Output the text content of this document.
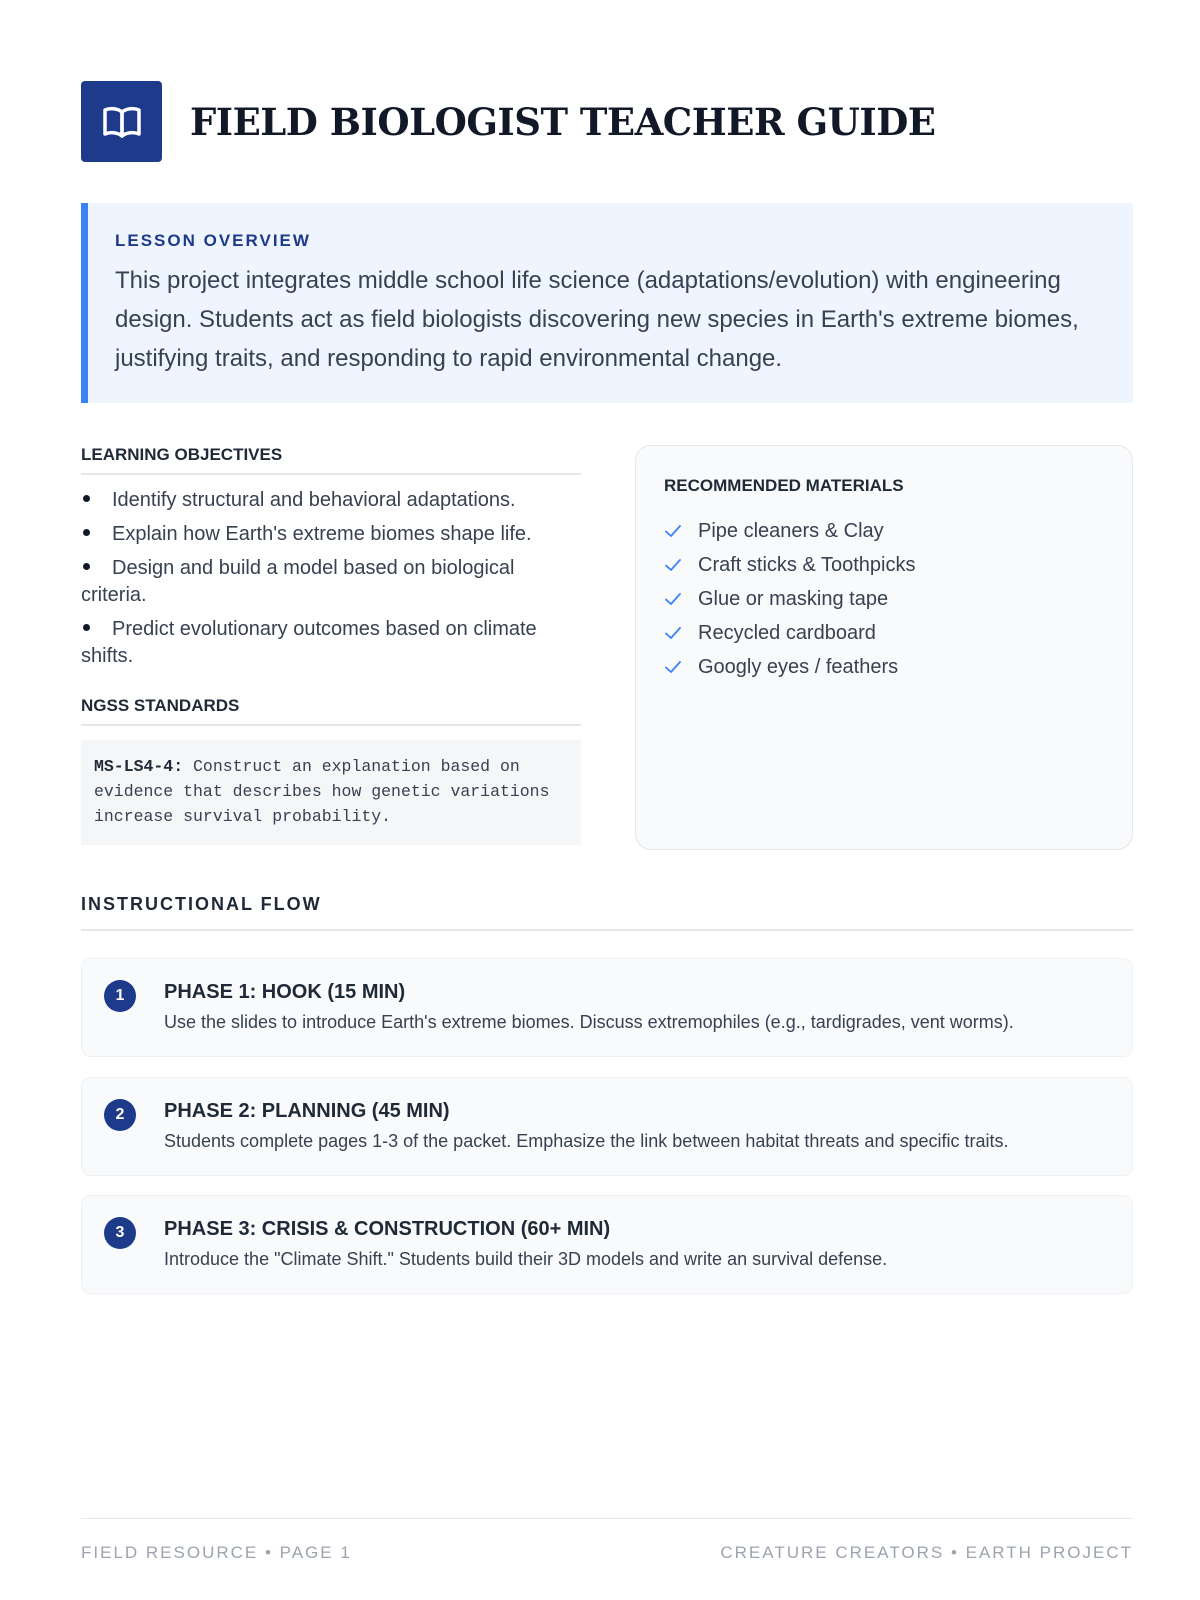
FIELD BIOLOGIST TEACHER GUIDE
LESSON OVERVIEW

This project integrates middle school life science (adaptations/evolution) with engineering design. Students act as field biologists discovering new species in Earth's extreme biomes, justifying traits, and responding to rapid environmental change.

LEARNING OBJECTIVES
Identify structural and behavioral adaptations.
Explain how Earth's extreme biomes shape life.
Design and build a model based on biological criteria.
Predict evolutionary outcomes based on climate shifts.
NGSS STANDARDS
MS-LS4-4: Construct an explanation based on evidence that describes how genetic variations increase survival probability.
RECOMMENDED MATERIALS
Pipe cleaners & Clay
Craft sticks & Toothpicks
Glue or masking tape
Recycled cardboard
Googly eyes / feathers
INSTRUCTIONAL FLOW
1	PHASE 1: HOOK (15 MIN)
Use the slides to introduce Earth's extreme biomes. Discuss extremophiles (e.g., tardigrades, vent worms).
2	PHASE 2: PLANNING (45 MIN)
Students complete pages 1-3 of the packet. Emphasize the link between habitat threats and specific traits.
3	PHASE 3: CRISIS & CONSTRUCTION (60+ MIN)
Introduce the "Climate Shift." Students build their 3D models and write an survival defense.
FIELD RESOURCE • PAGE 1	CREATURE CREATORS • EARTH PROJECT
